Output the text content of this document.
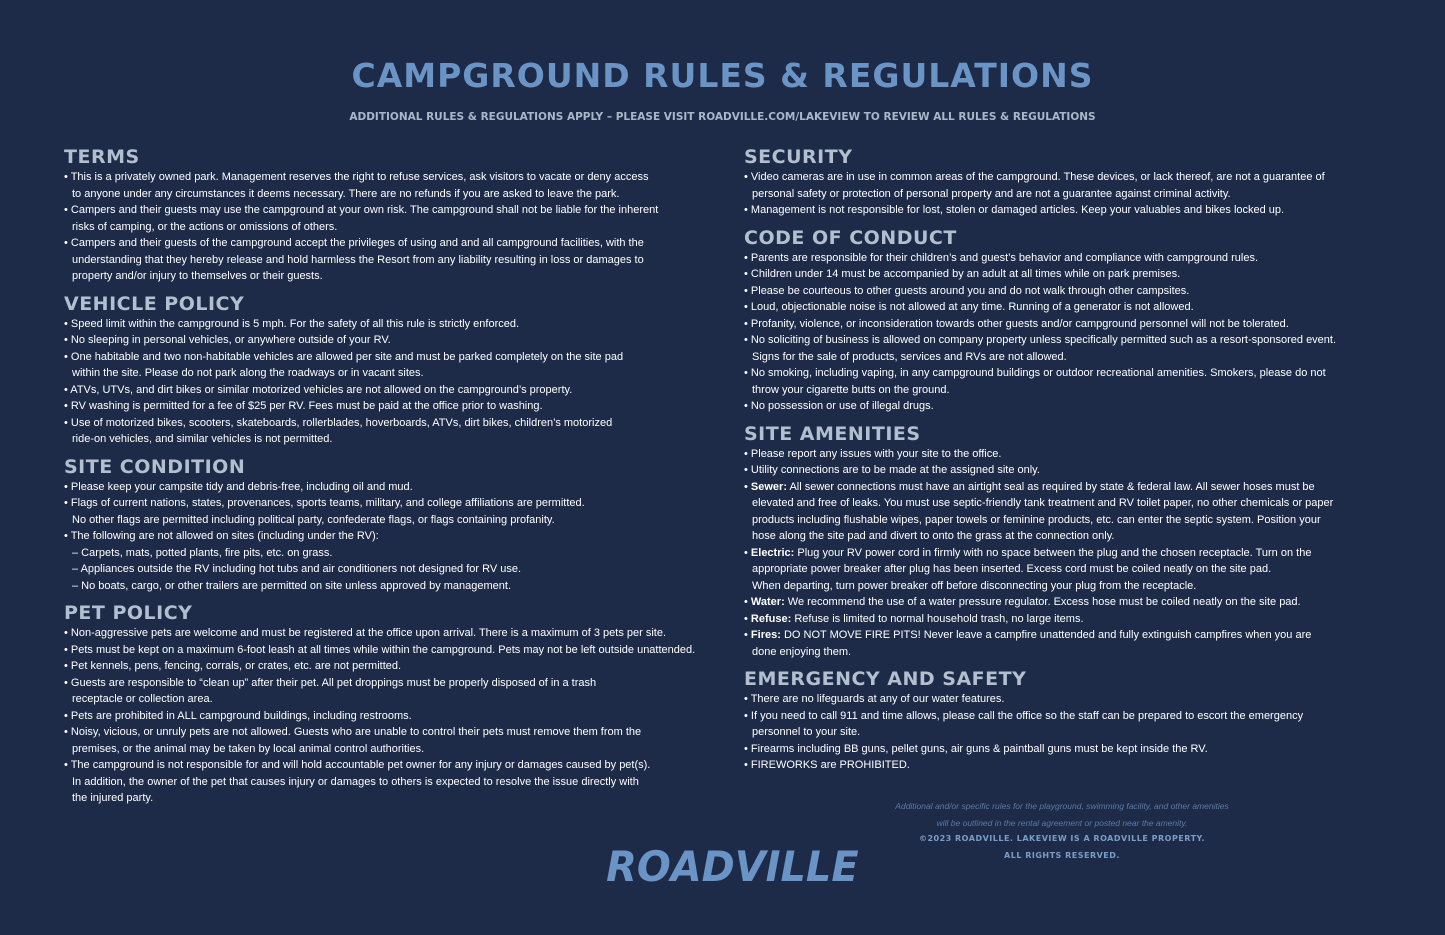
CAMPGROUND RULES & REGULATIONS

ADDITIONAL RULES & REGULATIONS APPLY – PLEASE VISIT ROADVILLE.COM/LAKEVIEW TO REVIEW ALL RULES & REGULATIONS

TERMS
• This is a privately owned park. Management reserves the right to refuse services, ask visitors to vacate or deny access
to anyone under any circumstances it deems necessary. There are no refunds if you are asked to leave the park.
• Campers and their guests may use the campground at your own risk. The campground shall not be liable for the inherent
risks of camping, or the actions or omissions of others.
• Campers and their guests of the campground accept the privileges of using and and all campground facilities, with the
understanding that they hereby release and hold harmless the Resort from any liability resulting in loss or damages to
property and/or injury to themselves or their guests.
VEHICLE POLICY
• Speed limit within the campground is 5 mph. For the safety of all this rule is strictly enforced.
• No sleeping in personal vehicles, or anywhere outside of your RV.
• One habitable and two non-habitable vehicles are allowed per site and must be parked completely on the site pad
within the site. Please do not park along the roadways or in vacant sites.
• ATVs, UTVs, and dirt bikes or similar motorized vehicles are not allowed on the campground’s property.
• RV washing is permitted for a fee of $25 per RV. Fees must be paid at the office prior to washing.
• Use of motorized bikes, scooters, skateboards, rollerblades, hoverboards, ATVs, dirt bikes, children’s motorized
ride-on vehicles, and similar vehicles is not permitted.
SITE CONDITION
• Please keep your campsite tidy and debris-free, including oil and mud.
• Flags of current nations, states, provenances, sports teams, military, and college affiliations are permitted.
No other flags are permitted including political party, confederate flags, or flags containing profanity.
• The following are not allowed on sites (including under the RV):
– Carpets, mats, potted plants, fire pits, etc. on grass.
– Appliances outside the RV including hot tubs and air conditioners not designed for RV use.
– No boats, cargo, or other trailers are permitted on site unless approved by management.
PET POLICY
• Non-aggressive pets are welcome and must be registered at the office upon arrival. There is a maximum of 3 pets per site.
• Pets must be kept on a maximum 6-foot leash at all times while within the campground. Pets may not be left outside unattended.
• Pet kennels, pens, fencing, corrals, or crates, etc. are not permitted.
• Guests are responsible to “clean up” after their pet. All pet droppings must be properly disposed of in a trash
receptacle or collection area.
• Pets are prohibited in ALL campground buildings, including restrooms.
• Noisy, vicious, or unruly pets are not allowed. Guests who are unable to control their pets must remove them from the
premises, or the animal may be taken by local animal control authorities.
• The campground is not responsible for and will hold accountable pet owner for any injury or damages caused by pet(s).
In addition, the owner of the pet that causes injury or damages to others is expected to resolve the issue directly with
the injured party.
SECURITY
• Video cameras are in use in common areas of the campground. These devices, or lack thereof, are not a guarantee of
personal safety or protection of personal property and are not a guarantee against criminal activity.
• Management is not responsible for lost, stolen or damaged articles. Keep your valuables and bikes locked up.
CODE OF CONDUCT
• Parents are responsible for their children’s and guest’s behavior and compliance with campground rules.
• Children under 14 must be accompanied by an adult at all times while on park premises.
• Please be courteous to other guests around you and do not walk through other campsites.
• Loud, objectionable noise is not allowed at any time. Running of a generator is not allowed.
• Profanity, violence, or inconsideration towards other guests and/or campground personnel will not be tolerated.
• No soliciting of business is allowed on company property unless specifically permitted such as a resort-sponsored event.
Signs for the sale of products, services and RVs are not allowed.
• No smoking, including vaping, in any campground buildings or outdoor recreational amenities. Smokers, please do not
throw your cigarette butts on the ground.
• No possession or use of illegal drugs.
SITE AMENITIES
• Please report any issues with your site to the office.
• Utility connections are to be made at the assigned site only.
• Sewer: All sewer connections must have an airtight seal as required by state & federal law. All sewer hoses must be
elevated and free of leaks. You must use septic-friendly tank treatment and RV toilet paper, no other chemicals or paper
products including flushable wipes, paper towels or feminine products, etc. can enter the septic system. Position your
hose along the site pad and divert to onto the grass at the connection only.
• Electric: Plug your RV power cord in firmly with no space between the plug and the chosen receptacle. Turn on the
appropriate power breaker after plug has been inserted. Excess cord must be coiled neatly on the site pad.
When departing, turn power breaker off before disconnecting your plug from the receptacle.
• Water: We recommend the use of a water pressure regulator. Excess hose must be coiled neatly on the site pad.
• Refuse: Refuse is limited to normal household trash, no large items.
• Fires: DO NOT MOVE FIRE PITS! Never leave a campfire unattended and fully extinguish campfires when you are
done enjoying them.
EMERGENCY AND SAFETY
• There are no lifeguards at any of our water features.
• If you need to call 911 and time allows, please call the office so the staff can be prepared to escort the emergency
personnel to your site.
• Firearms including BB guns, pellet guns, air guns & paintball guns must be kept inside the RV.
• FIREWORKS are PROHIBITED.
Additional and/or specific rules for the playground, swimming facility, and other amenities
will be outlined in the rental agreement or posted near the amenity.
©2023 ROADVILLE. LAKEVIEW IS A ROADVILLE PROPERTY.
ALL RIGHTS RESERVED.
ROADVILLE
